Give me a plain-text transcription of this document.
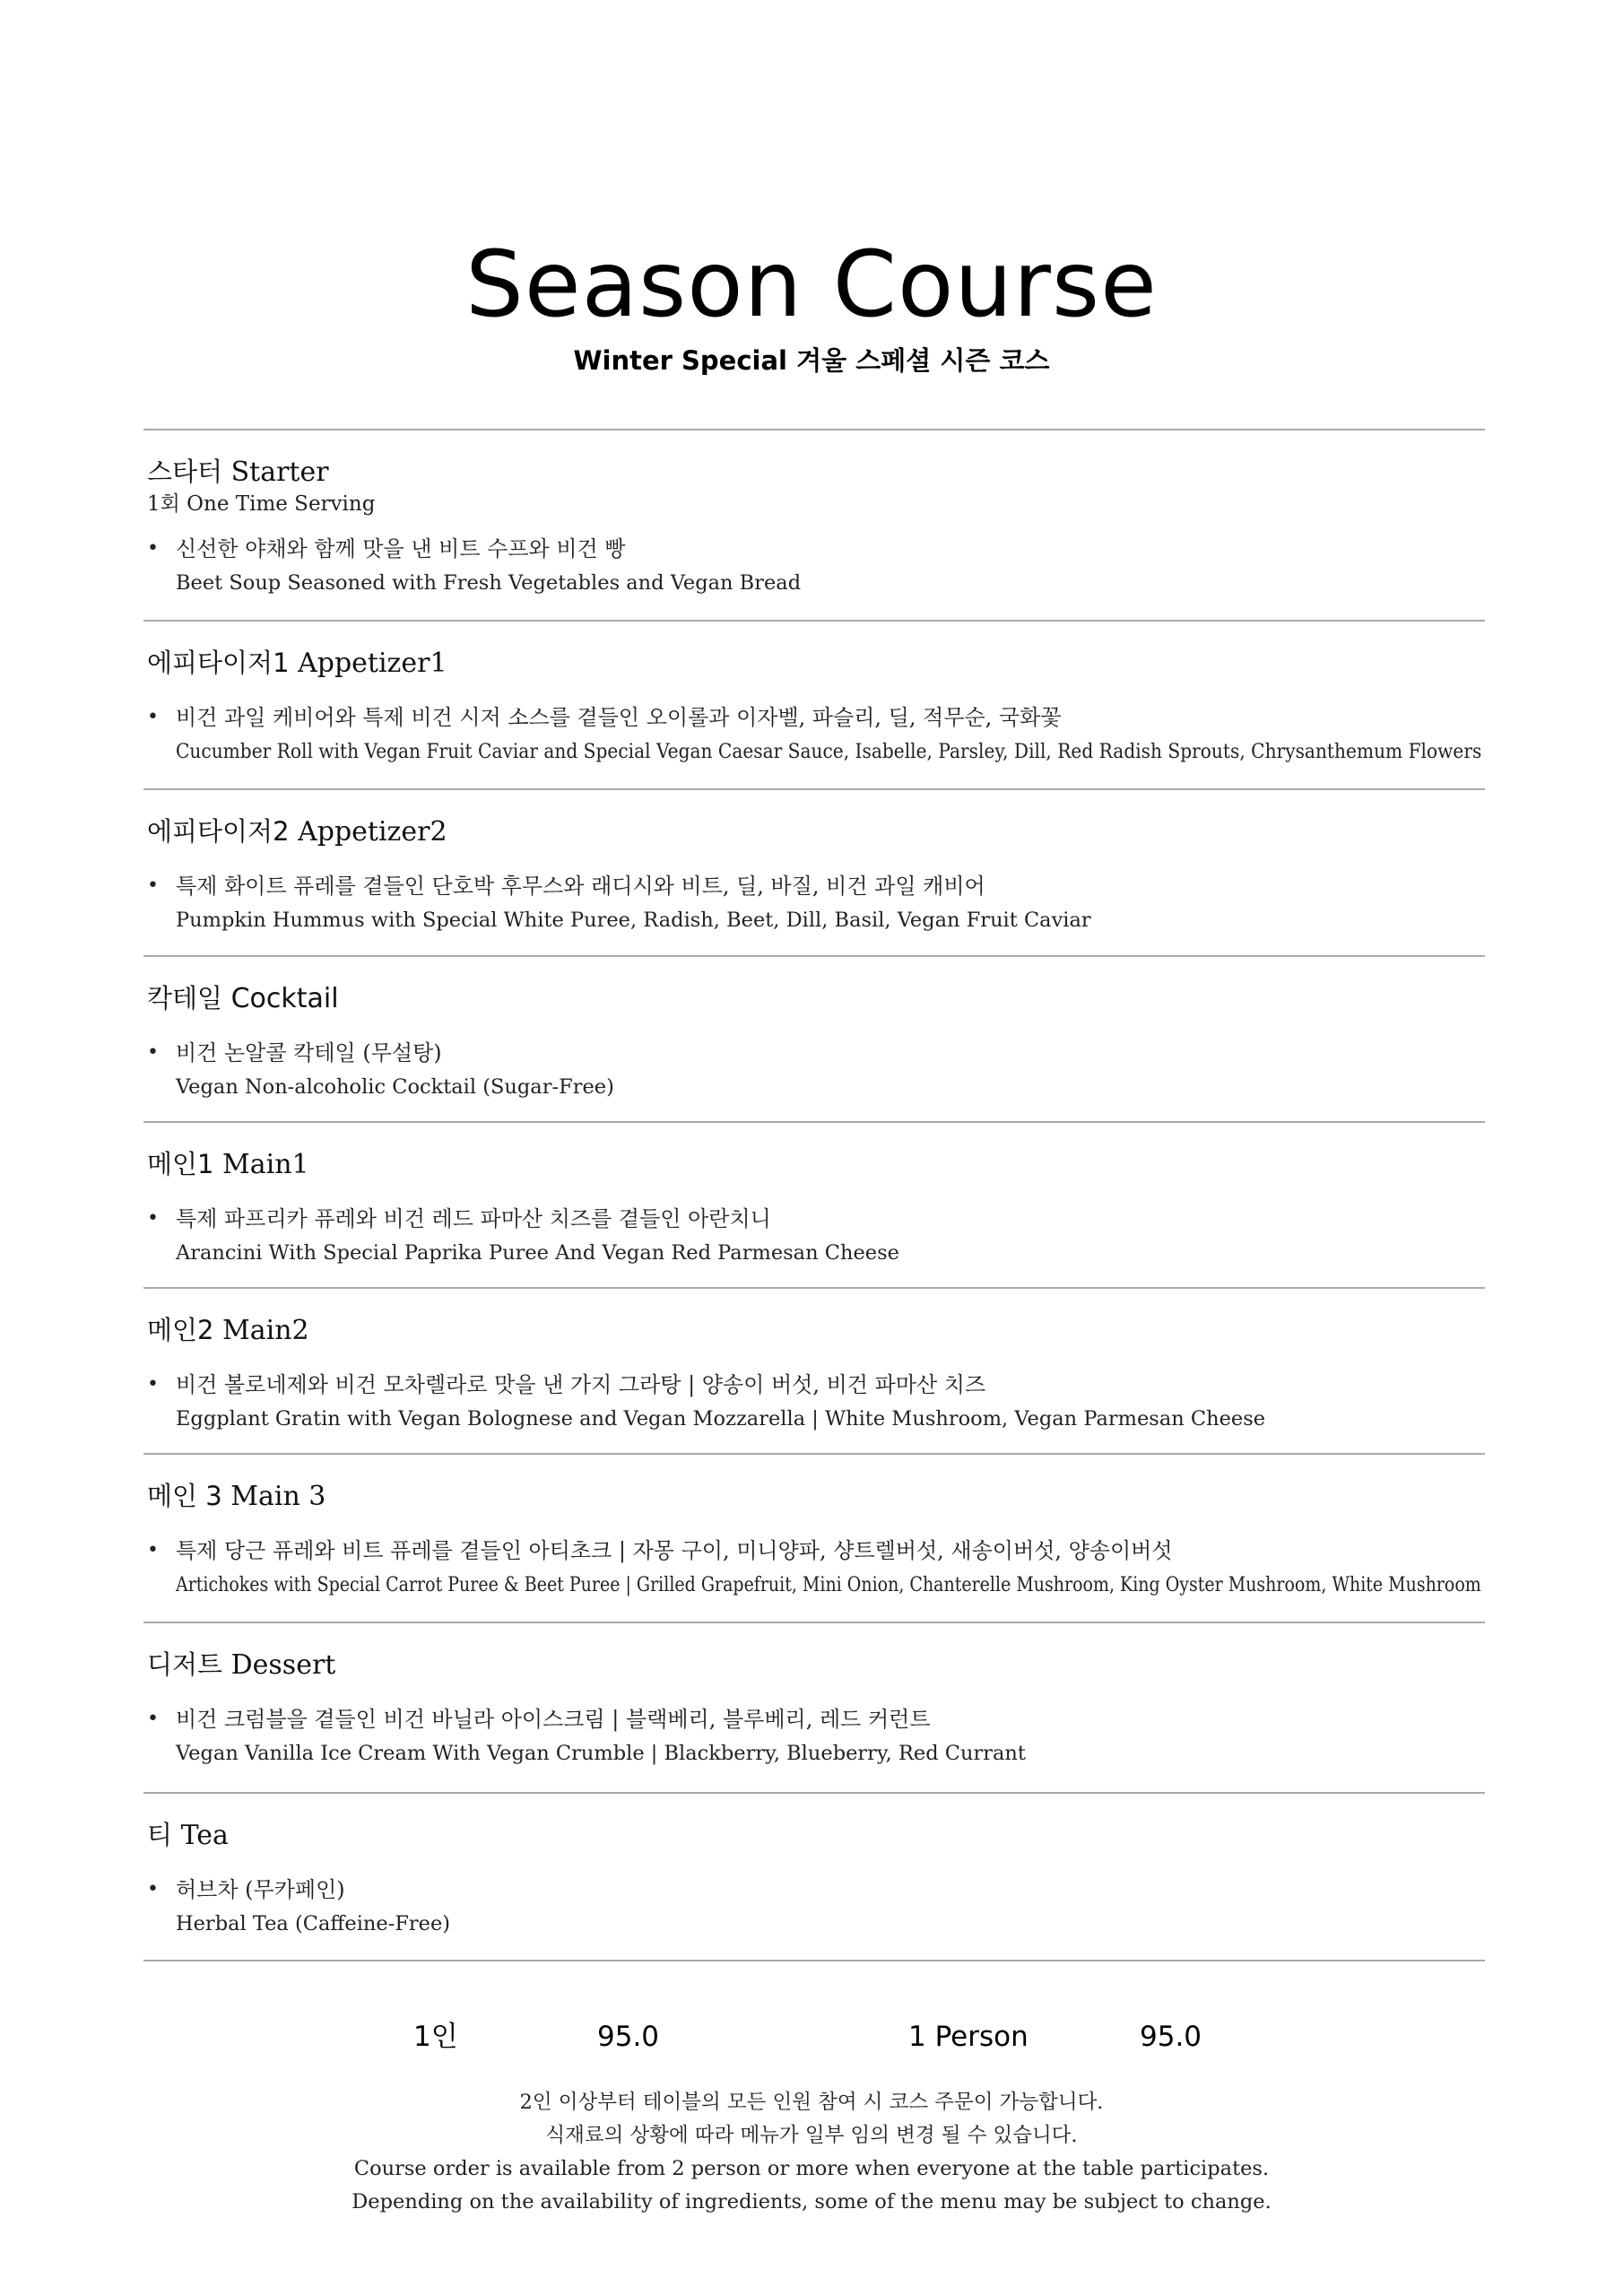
Season Course
Winter Special 겨울 스페셜 시즌 코스
스타터 Starter
1회 One Time Serving
• 신선한 야채와 함께 맛을 낸 비트 수프와 비건 빵
Beet Soup Seasoned with Fresh Vegetables and Vegan Bread
에피타이저1 Appetizer1
• 비건 과일 케비어와 특제 비건 시저 소스를 곁들인 오이롤과 이자벨, 파슬리, 딜, 적무순, 국화꽃
Cucumber Roll with Vegan Fruit Caviar and Special Vegan Caesar Sauce, Isabelle, Parsley, Dill, Red Radish Sprouts, Chrysanthemum Flowers
에피타이저2 Appetizer2
• 특제 화이트 퓨레를 곁들인 단호박 후무스와 래디시와 비트, 딜, 바질, 비건 과일 캐비어
Pumpkin Hummus with Special White Puree, Radish, Beet, Dill, Basil, Vegan Fruit Caviar
칵테일 Cocktail
• 비건 논알콜 칵테일 (무설탕)
Vegan Non-alcoholic Cocktail (Sugar-Free)
메인1 Main1
• 특제 파프리카 퓨레와 비건 레드 파마산 치즈를 곁들인 아란치니
Arancini With Special Paprika Puree And Vegan Red Parmesan Cheese
메인2 Main2
• 비건 볼로네제와 비건 모차렐라로 맛을 낸 가지 그라탕 | 양송이 버섯, 비건 파마산 치즈
Eggplant Gratin with Vegan Bolognese and Vegan Mozzarella | White Mushroom, Vegan Parmesan Cheese
메인 3 Main 3
• 특제 당근 퓨레와 비트 퓨레를 곁들인 아티초크 | 자몽 구이, 미니양파, 샹트렐버섯, 새송이버섯, 양송이버섯
Artichokes with Special Carrot Puree & Beet Puree | Grilled Grapefruit, Mini Onion, Chanterelle Mushroom, King Oyster Mushroom, White Mushroom
디저트 Dessert
• 비건 크럼블을 곁들인 비건 바닐라 아이스크림 | 블랙베리, 블루베리, 레드 커런트
Vegan Vanilla Ice Cream With Vegan Crumble | Blackberry, Blueberry, Red Currant
티 Tea
• 허브차 (무카페인)
Herbal Tea (Caffeine-Free)
1인	95.0	1 Person	95.0
2인 이상부터 테이블의 모든 인원 참여 시 코스 주문이 가능합니다.
식재료의 상황에 따라 메뉴가 일부 임의 변경 될 수 있습니다.
Course order is available from 2 person or more when everyone at the table participates.
Depending on the availability of ingredients, some of the menu may be subject to change.
